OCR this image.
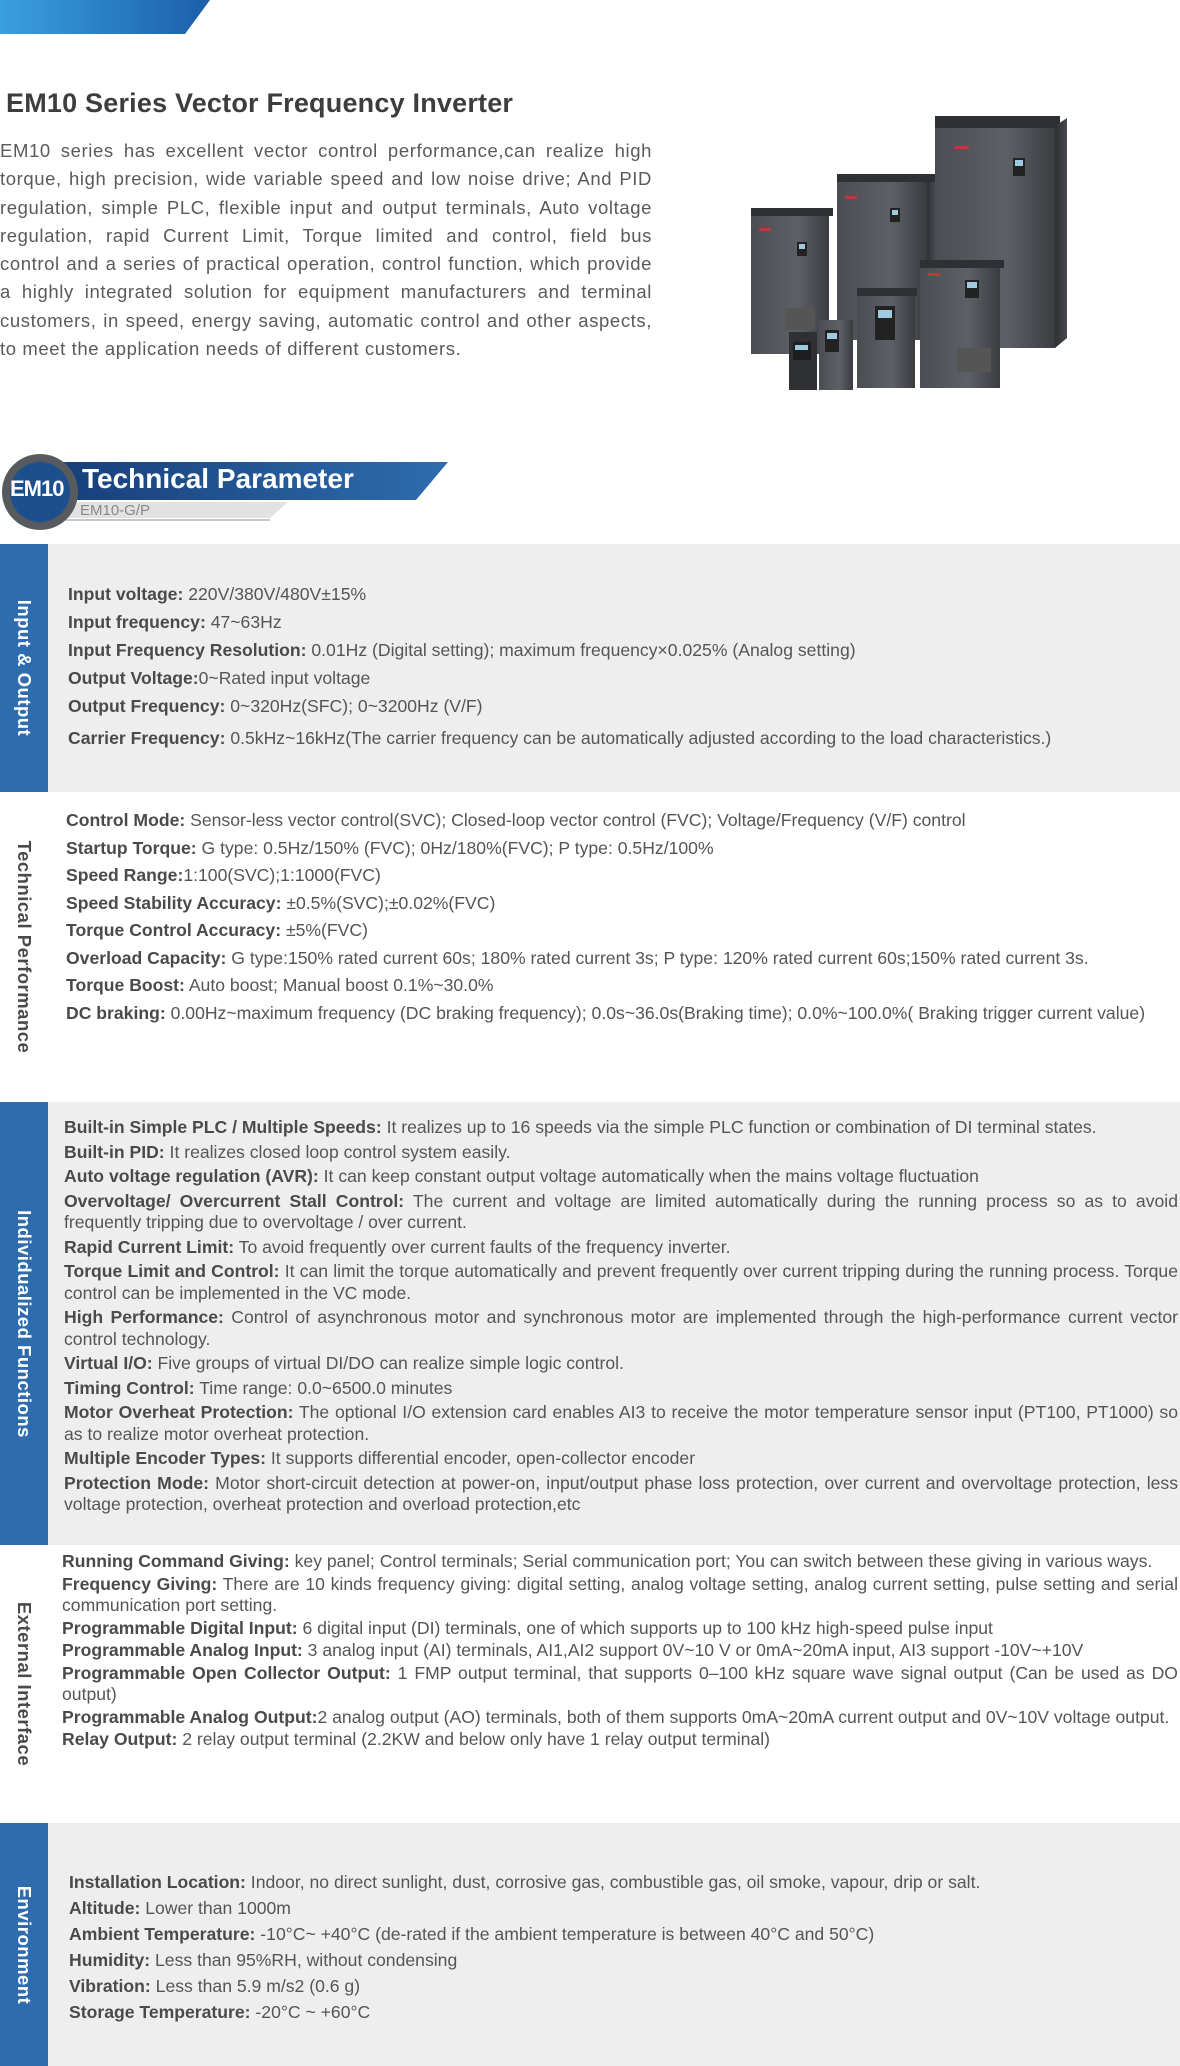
EM10 Series Vector Frequency Inverter

EM10 series has excellent vector control performance,can realize high torque, high precision, wide variable speed and low noise drive; And PID regulation, simple PLC, flexible input and output terminals, Auto voltage regulation, rapid Current Limit, Torque limited and control, field bus control and a series of practical operation, control function, which provide a highly integrated solution for equipment manufacturers and terminal customers, in speed, energy saving, automatic control and other aspects, to meet the application needs of different customers.

EM10 Technical Parameter
EM10-G/P
Input & Output
Input voltage: 220V/380V/480V±15%
Input frequency: 47~63Hz
Input Frequency Resolution: 0.01Hz (Digital setting); maximum frequency×0.025% (Analog setting)
Output Voltage:0~Rated input voltage
Output Frequency: 0~320Hz(SFC); 0~3200Hz (V/F)
Carrier Frequency: 0.5kHz~16kHz(The carrier frequency can be automatically adjusted according to the load characteristics.)
Technical Performance
Control Mode: Sensor-less vector control(SVC); Closed-loop vector control (FVC); Voltage/Frequency (V/F) control
Startup Torque: G type: 0.5Hz/150% (FVC); 0Hz/180%(FVC); P type: 0.5Hz/100%
Speed Range:1:100(SVC);1:1000(FVC)
Speed Stability Accuracy: ±0.5%(SVC);±0.02%(FVC)
Torque Control Accuracy: ±5%(FVC)
Overload Capacity: G type:150% rated current 60s; 180% rated current 3s; P type: 120% rated current 60s;150% rated current 3s.
Torque Boost: Auto boost; Manual boost 0.1%~30.0%
DC braking: 0.00Hz~maximum frequency (DC braking frequency); 0.0s~36.0s(Braking time); 0.0%~100.0%( Braking trigger current value)
Individualized Functions
Built-in Simple PLC / Multiple Speeds: It realizes up to 16 speeds via the simple PLC function or combination of DI terminal states.
Built-in PID: It realizes closed loop control system easily.
Auto voltage regulation (AVR): It can keep constant output voltage automatically when the mains voltage fluctuation
Overvoltage/ Overcurrent Stall Control: The current and voltage are limited automatically during the running process so as to avoid frequently tripping due to overvoltage / over current.
Rapid Current Limit: To avoid frequently over current faults of the frequency inverter.
Torque Limit and Control: It can limit the torque automatically and prevent frequently over current tripping during the running process. Torque control can be implemented in the VC mode.
High Performance: Control of asynchronous motor and synchronous motor are implemented through the high-performance current vector control technology.
Virtual I/O: Five groups of virtual DI/DO can realize simple logic control.
Timing Control: Time range: 0.0~6500.0 minutes
Motor Overheat Protection: The optional I/O extension card enables AI3 to receive the motor temperature sensor input (PT100, PT1000) so as to realize motor overheat protection.
Multiple Encoder Types: It supports differential encoder, open-collector encoder
Protection Mode: Motor short-circuit detection at power-on, input/output phase loss protection, over current and overvoltage protection, less voltage protection, overheat protection and overload protection,etc
External Interface
Running Command Giving: key panel; Control terminals; Serial communication port; You can switch between these giving in various ways.
Frequency Giving: There are 10 kinds frequency giving: digital setting, analog voltage setting, analog current setting, pulse setting and serial communication port setting.
Programmable Digital Input: 6 digital input (DI) terminals, one of which supports up to 100 kHz high-speed pulse input
Programmable Analog Input: 3 analog input (AI) terminals, AI1,AI2 support 0V~10 V or 0mA~20mA input, AI3 support -10V~+10V
Programmable Open Collector Output: 1 FMP output terminal, that supports 0–100 kHz square wave signal output (Can be used as DO output)
Programmable Analog Output:2 analog output (AO) terminals, both of them supports 0mA~20mA current output and 0V~10V voltage output.
Relay Output: 2 relay output terminal (2.2KW and below only have 1 relay output terminal)
Environment
Installation Location: Indoor, no direct sunlight, dust, corrosive gas, combustible gas, oil smoke, vapour, drip or salt.
Altitude: Lower than 1000m
Ambient Temperature: -10°C~ +40°C (de-rated if the ambient temperature is between 40°C and 50°C)
Humidity: Less than 95%RH, without condensing
Vibration: Less than 5.9 m/s2 (0.6 g)
Storage Temperature: -20°C ~ +60°C
